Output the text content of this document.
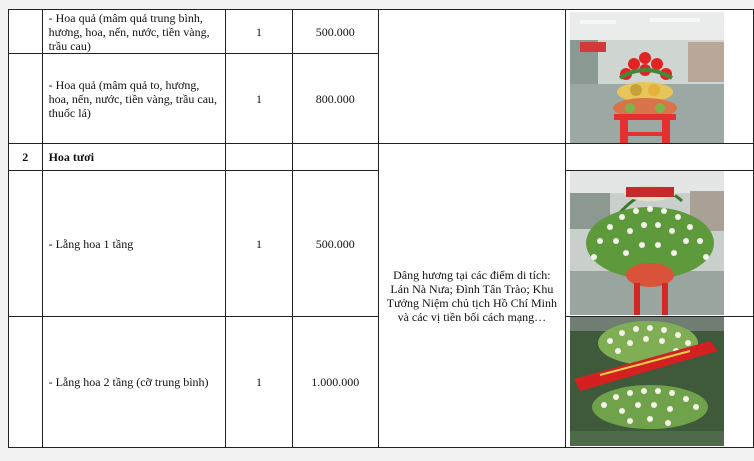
	- Hoa quả (mâm quả trung bình, hương, hoa, nến, nước, tiền vàng, trầu cau)	1	500.000		

	- Hoa quả (mâm quả to, hương, hoa, nến, nước, tiền vàng, trầu cau, thuốc lá)	1	800.000		
2	Hoa tươi			Dâng hương tại các điểm di tích: Lán Nà Nưa; Đình Tân Trào; Khu Tưởng Niệm chủ tịch Hồ Chí Minh và các vị tiền bối cách mạng…	
	- Lẵng hoa 1 tầng	1	500.000	

	- Lẵng hoa 2 tầng (cỡ trung bình)	1	1.000.000	
